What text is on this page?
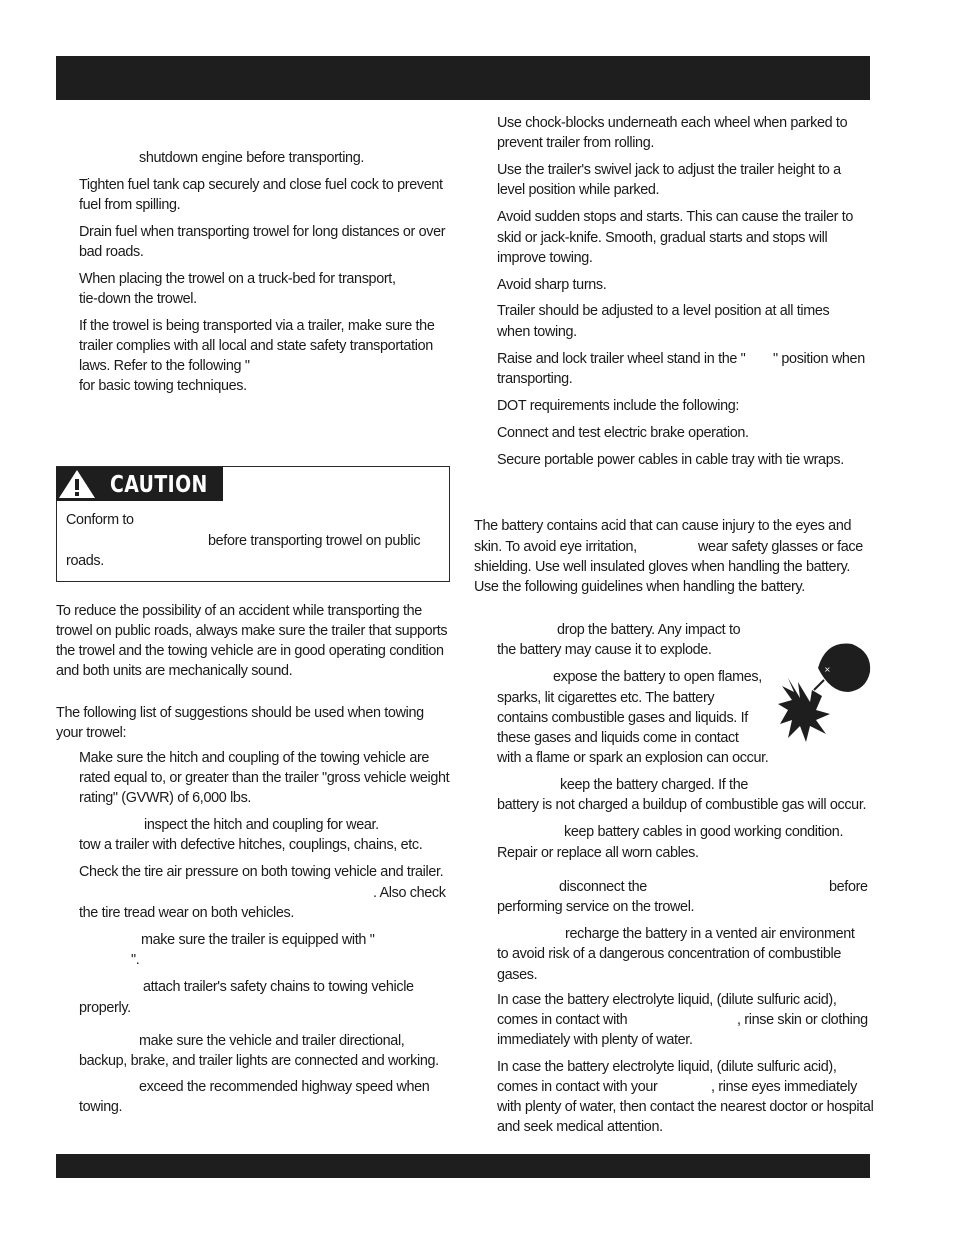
shutdown engine before transporting.
Tighten fuel tank cap securely and close fuel cock to prevent
fuel from spilling.
Drain fuel when transporting trowel for long distances or over
bad roads.
When placing the trowel on a truck-bed for transport,
tie-down the trowel.
If the trowel is being transported via a trailer, make sure the
trailer complies with all local and state safety transportation
laws. Refer to the following "
for basic towing techniques.
CAUTION
Conform to
before transporting trowel on public
roads.
To reduce the possibility of an accident while transporting the
trowel on public roads, always make sure the trailer that supports
the trowel and the towing vehicle are in good operating condition
and both units are mechanically sound.
The following list of suggestions should be used when towing
your trowel:
Make sure the hitch and coupling of the towing vehicle are
rated equal to, or greater than the trailer "gross vehicle weight
rating" (GVWR) of 6,000 lbs.
inspect the hitch and coupling for wear.
tow a trailer with defective hitches, couplings, chains, etc.
Check the tire air pressure on both towing vehicle and trailer.
. Also check
the tire tread wear on both vehicles.
make sure the trailer is equipped with "
".
attach trailer's safety chains to towing vehicle
properly.
make sure the vehicle and trailer directional,
backup, brake, and trailer lights are connected and working.
exceed the recommended highway speed when
towing.
Use chock-blocks underneath each wheel when parked to
prevent trailer from rolling.
Use the trailer's swivel jack to adjust the trailer height to a
level position while parked.
Avoid sudden stops and starts. This can cause the trailer to
skid or jack-knife. Smooth, gradual starts and stops will
improve towing.
Avoid sharp turns.
Trailer should be adjusted to a level position at all times
when towing.
Raise and lock trailer wheel stand in the " " position when
transporting.
DOT requirements include the following:
Connect and test electric brake operation.
Secure portable power cables in cable tray with tie wraps.
The battery contains acid that can cause injury to the eyes and
skin. To avoid eye irritation,	wear safety glasses or face
shielding. Use well insulated gloves when handling the battery.
Use the following guidelines when handling the battery.
drop the battery. Any impact to
the battery may cause it to explode.
expose the battery to open flames,
sparks, lit cigarettes etc. The battery
contains combustible gases and liquids. If
these gases and liquids come in contact
with a flame or spark an explosion can occur.
×
keep the battery charged. If the
battery is not charged a buildup of combustible gas will occur.
keep battery cables in good working condition.
Repair or replace all worn cables.
disconnect the	before
performing service on the trowel.
recharge the battery in a vented air environment
to avoid risk of a dangerous concentration of combustible
gases.
In case the battery electrolyte liquid, (dilute sulfuric acid),
comes in contact with	, rinse skin or clothing
immediately with plenty of water.
In case the battery electrolyte liquid, (dilute sulfuric acid),
comes in contact with your	, rinse eyes immediately
with plenty of water, then contact the nearest doctor or hospital
and seek medical attention.
